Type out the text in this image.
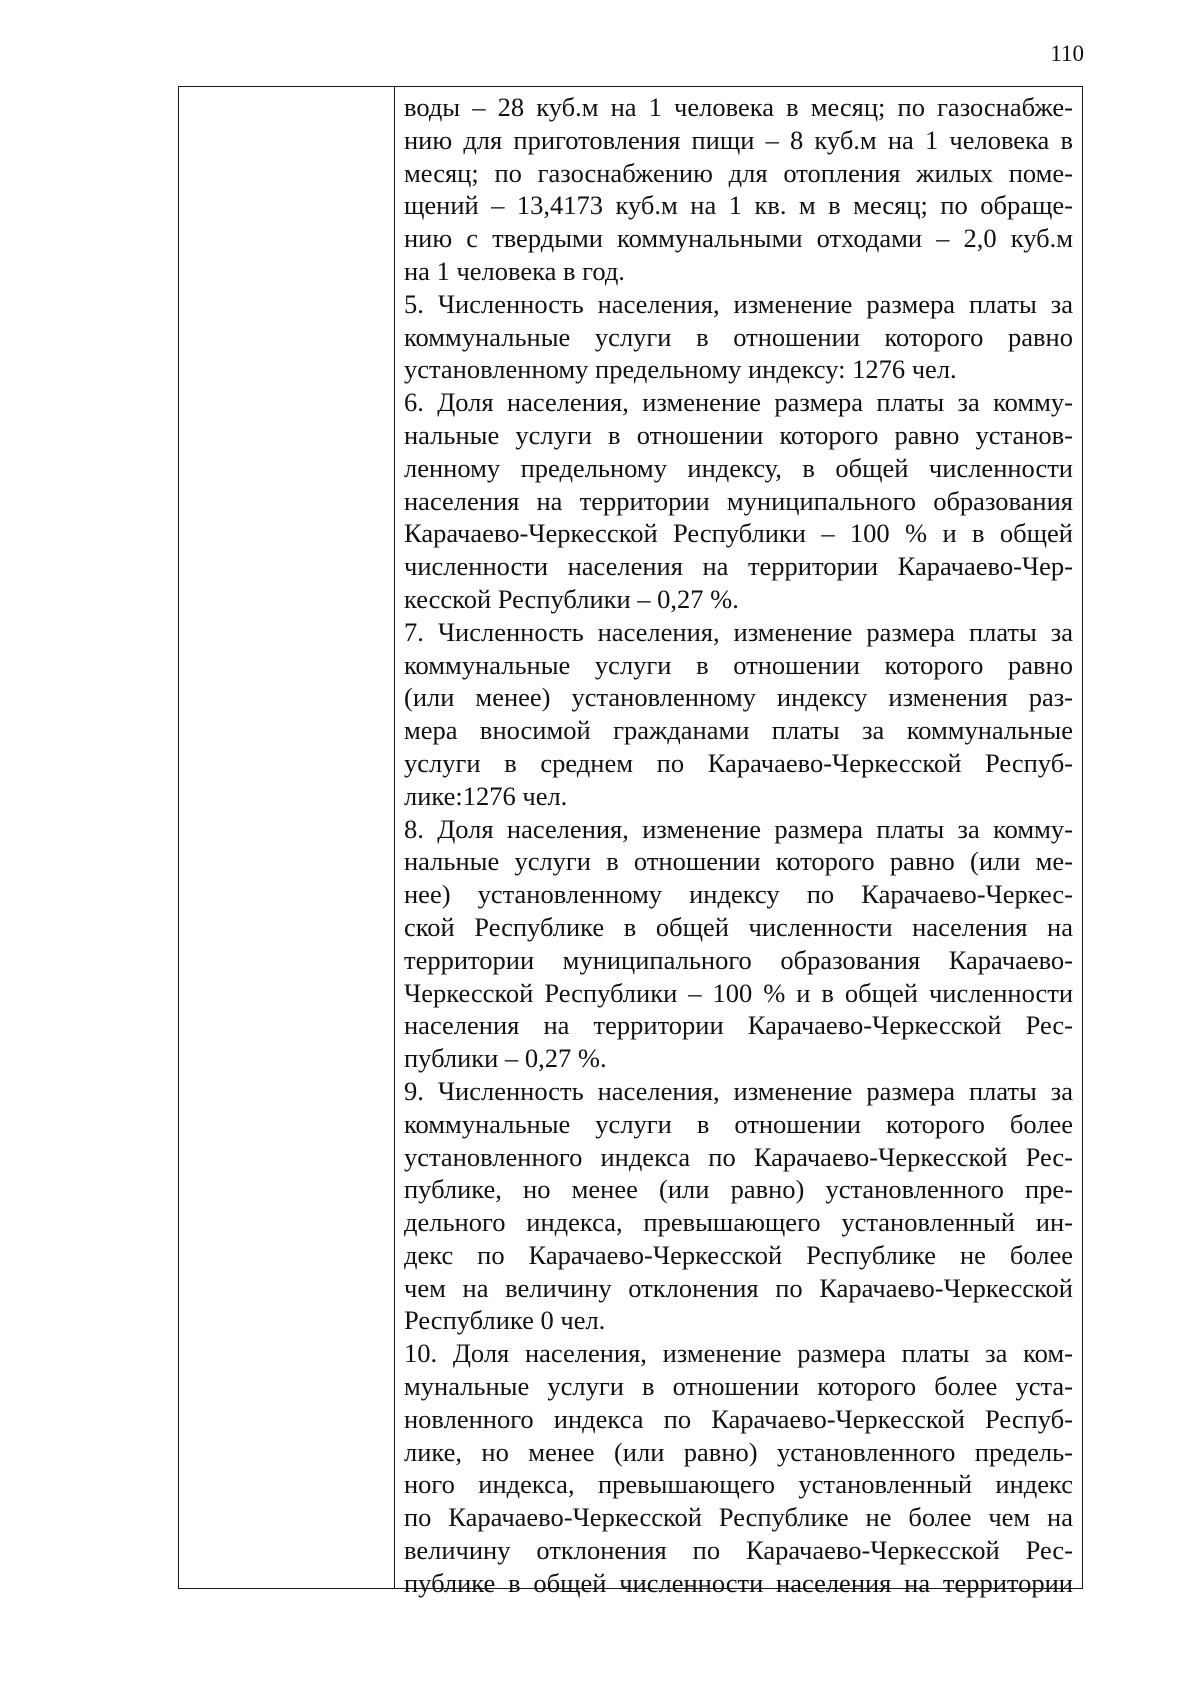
110
воды – 28 куб.м на 1 человека в месяц; по газоснабже-
нию для приготовления пищи – 8 куб.м на 1 человека в
месяц; по газоснабжению для отопления жилых поме-
щений – 13,4173 куб.м на 1 кв. м в месяц; по обраще-
нию с твердыми коммунальными отходами – 2,0 куб.м
на 1 человека в год.
5. Численность населения, изменение размера платы за
коммунальные услуги в отношении которого равно
установленному предельному индексу: 1276 чел.
6. Доля населения, изменение размера платы за комму-
нальные услуги в отношении которого равно установ-
ленному предельному индексу, в общей численности
населения на территории муниципального образования
Карачаево-Черкесской Республики – 100 % и в общей
численности населения на территории Карачаево-Чер-
кесской Республики – 0,27 %.
7. Численность населения, изменение размера платы за
коммунальные услуги в отношении которого равно
(или менее) установленному индексу изменения раз-
мера вносимой гражданами платы за коммунальные
услуги в среднем по Карачаево-Черкесской Респуб-
лике:1276 чел.
8. Доля населения, изменение размера платы за комму-
нальные услуги в отношении которого равно (или ме-
нее) установленному индексу по Карачаево-Черкес-
ской Республике в общей численности населения на
территории муниципального образования Карачаево-
Черкесской Республики – 100 % и в общей численности
населения на территории Карачаево-Черкесской Рес-
публики – 0,27 %.
9. Численность населения, изменение размера платы за
коммунальные услуги в отношении которого более
установленного индекса по Карачаево-Черкесской Рес-
публике, но менее (или равно) установленного пре-
дельного индекса, превышающего установленный ин-
декс по Карачаево-Черкесской Республике не более
чем на величину отклонения по Карачаево-Черкесской
Республике 0 чел.
10. Доля населения, изменение размера платы за ком-
мунальные услуги в отношении которого более уста-
новленного индекса по Карачаево-Черкесской Респуб-
лике, но менее (или равно) установленного предель-
ного индекса, превышающего установленный индекс
по Карачаево-Черкесской Республике не более чем на
величину отклонения по Карачаево-Черкесской Рес-
публике в общей численности населения на территории
